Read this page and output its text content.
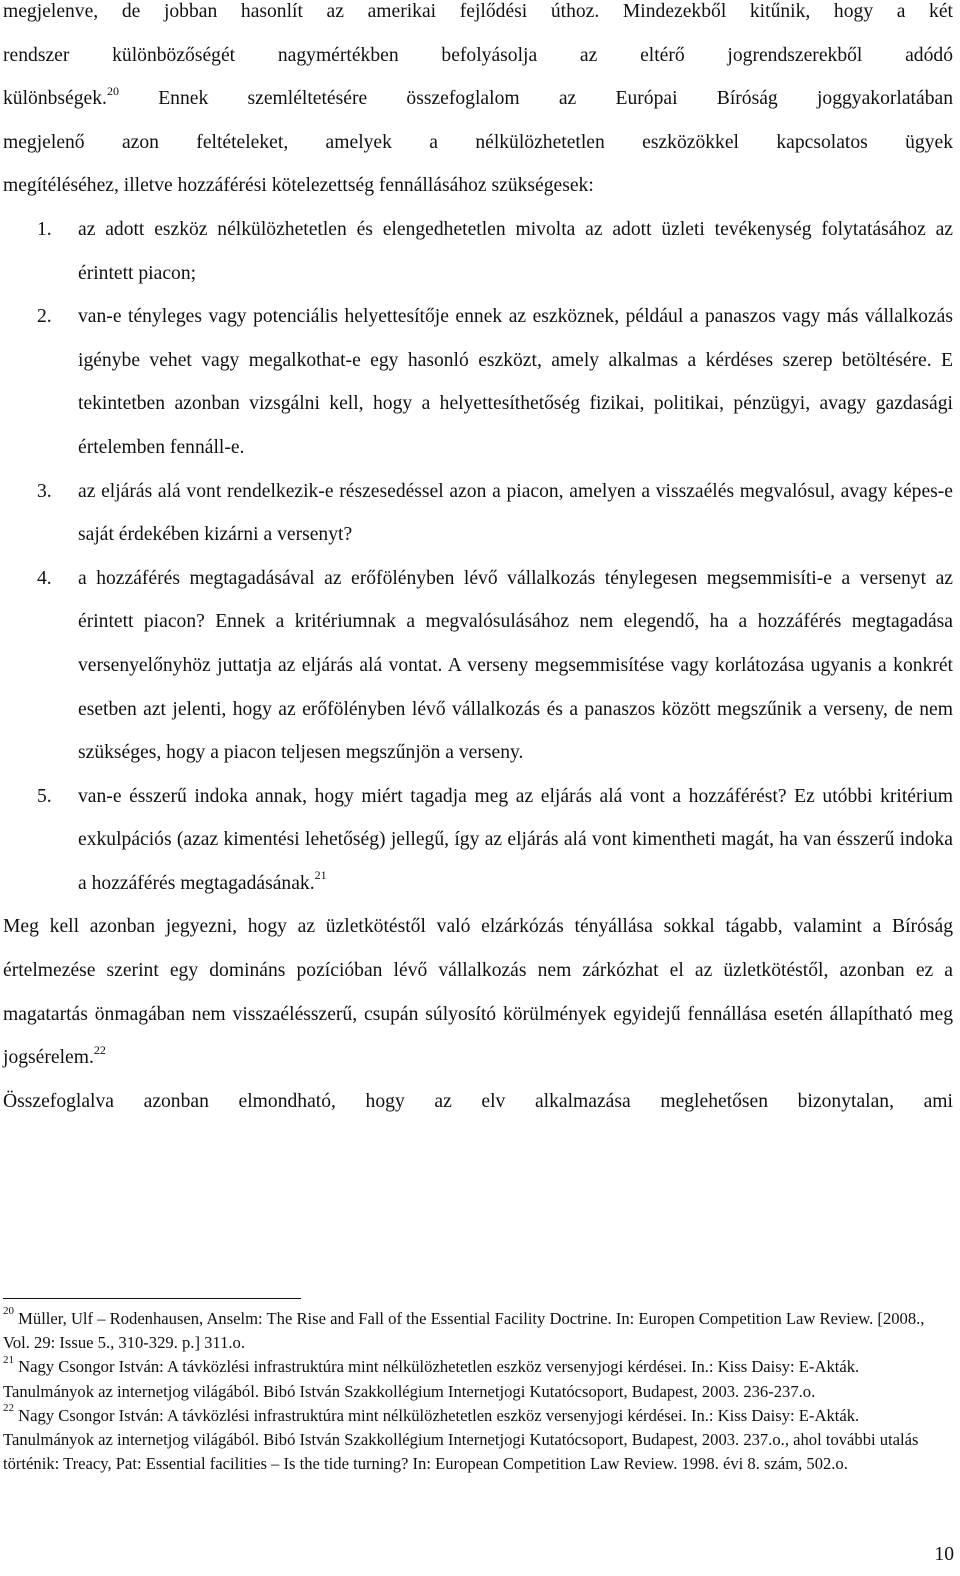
megjelenve, de jobban hasonlít az amerikai fejlődési úthoz. Mindezekből kitűnik, hogy a két

rendszer különbözőségét nagymértékben befolyásolja az eltérő jogrendszerekből adódó

különbségek.$^{20}$ Ennek szemléltetésére összefoglalom az Európai Bíróság joggyakorlatában

megjelenő azon feltételeket, amelyek a nélkülözhetetlen eszközökkel kapcsolatos ügyek

megítéléséhez, illetve hozzáférési kötelezettség fennállásához szükségesek:

1. az adott eszköz nélkülözhetetlen és elengedhetetlen mivolta az adott üzleti tevékenység folytatásához az érintett piacon;
2. van-e tényleges vagy potenciális helyettesítője ennek az eszköznek, például a panaszos vagy más vállalkozás igénybe vehet vagy megalkothat-e egy hasonló eszközt, amely alkalmas a kérdéses szerep betöltésére. E tekintetben azonban vizsgálni kell, hogy a helyettesíthetőség fizikai, politikai, pénzügyi, avagy gazdasági értelemben fennáll-e.
3. az eljárás alá vont rendelkezik-e részesedéssel azon a piacon, amelyen a visszaélés megvalósul, avagy képes-e saját érdekében kizárni a versenyt?
4. a hozzáférés megtagadásával az erőfölényben lévő vállalkozás ténylegesen megsemmisíti-e a versenyt az érintett piacon? Ennek a kritériumnak a megvalósulásához nem elegendő, ha a hozzáférés megtagadása versenyelőnyhöz juttatja az eljárás alá vontat. A verseny megsemmisítése vagy korlátozása ugyanis a konkrét esetben azt jelenti, hogy az erőfölényben lévő vállalkozás és a panaszos között megszűnik a verseny, de nem szükséges, hogy a piacon teljesen megszűnjön a verseny.
5. van-e ésszerű indoka annak, hogy miért tagadja meg az eljárás alá vont a hozzáférést? Ez utóbbi kritérium exkulpációs (azaz kimentési lehetőség) jellegű, így az eljárás alá vont kimentheti magát, ha van ésszerű indoka a hozzáférés megtagadásának.$^{21}$

Meg kell azonban jegyezni, hogy az üzletkötéstől való elzárkózás tényállása sokkal tágabb, valamint a Bíróság értelmezése szerint egy domináns pozícióban lévő vállalkozás nem zárkózhat el az üzletkötéstől, azonban ez a magatartás önmagában nem visszaélésszerű, csupán súlyosító körülmények egyidejű fennállása esetén állapítható meg jogsérelem.$^{22}$

Összefoglalva azonban elmondható, hogy az elv alkalmazása meglehetősen bizonytalan, ami

$^{20}$ Müller, Ulf – Rodenhausen, Anselm: The Rise and Fall of the Essential Facility Doctrine. In: Europen Competition Law Review. [2008., Vol. 29: Issue 5., 310-329. p.] 311.o.

$^{21}$ Nagy Csongor István: A távközlési infrastruktúra mint nélkülözhetetlen eszköz versenyjogi kérdései. In.: Kiss Daisy: E-Akták. Tanulmányok az internetjog világából. Bibó István Szakkollégium Internetjogi Kutatócsoport, Budapest, 2003. 236-237.o.

$^{22}$ Nagy Csongor István: A távközlési infrastruktúra mint nélkülözhetetlen eszköz versenyjogi kérdései. In.: Kiss Daisy: E-Akták. Tanulmányok az internetjog világából. Bibó István Szakkollégium Internetjogi Kutatócsoport, Budapest, 2003. 237.o., ahol további utalás történik: Treacy, Pat: Essential facilities – Is the tide turning? In: European Competition Law Review. 1998. évi 8. szám, 502.o.

10
